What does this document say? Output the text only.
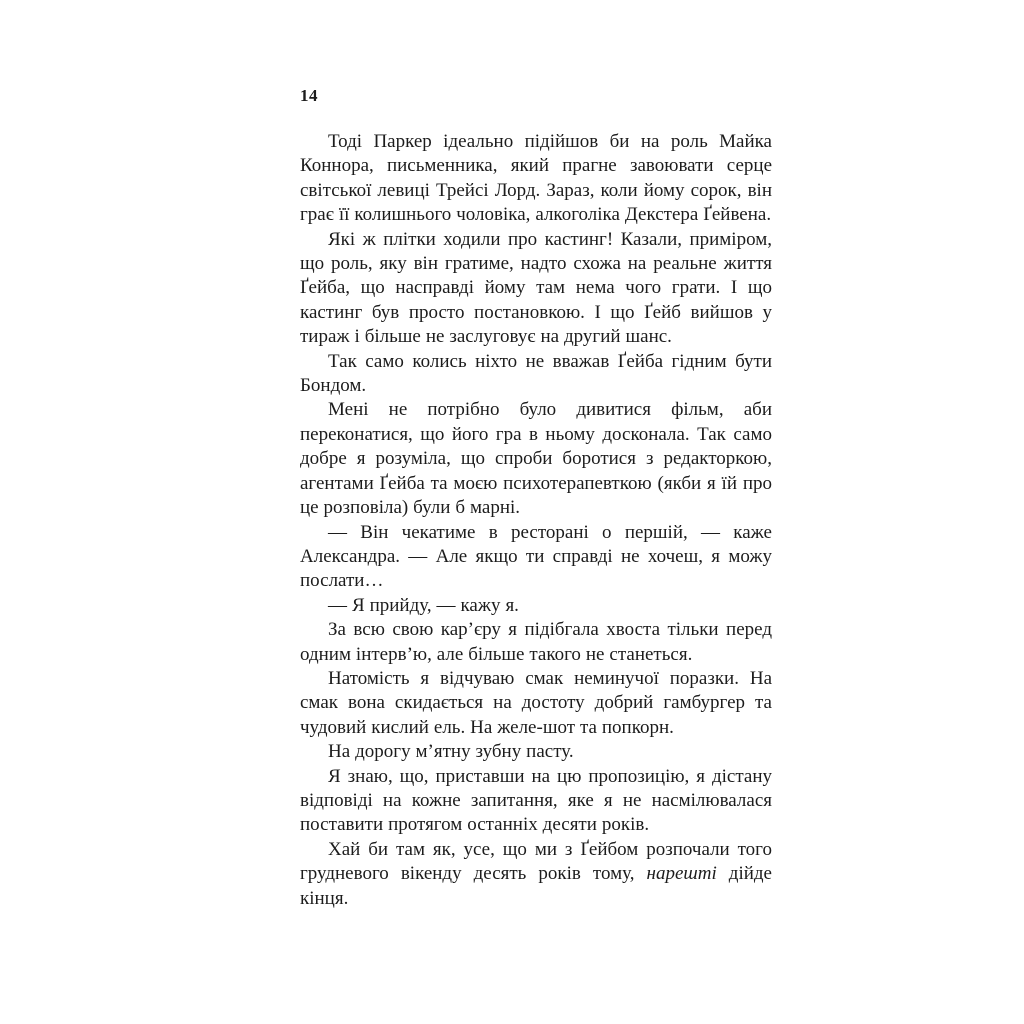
14

Тоді Паркер ідеально підійшов би на роль Майка Коннора, письменника, який прагне завоювати серце світської левиці Трейсі Лорд. Зараз, коли йому сорок, він грає її колишнього чоловіка, алкоголіка Декстера Ґейвена.

Які ж плітки ходили про кастинг! Казали, приміром, що роль, яку він гратиме, надто схожа на реальне життя Ґейба, що насправді йому там нема чого грати. І що кастинг був просто постановкою. І що Ґейб вийшов у тираж і більше не заслуговує на другий шанс.

Так само колись ніхто не вважав Ґейба гідним бути Бондом.

Мені не потрібно було дивитися фільм, аби переконатися, що його гра в ньому досконала. Так само добре я розуміла, що спроби боротися з редакторкою, агентами Ґейба та моєю психотерапевткою (якби я їй про це розповіла) були б марні.

— Він чекатиме в ресторані о першій, — каже Александра. — Але якщо ти справді не хочеш, я можу послати…

— Я прийду, — кажу я.

За всю свою кар’єру я підібгала хвоста тільки перед одним інтерв’ю, але більше такого не станеться.

Натомість я відчуваю смак неминучої поразки. На смак вона скидається на достоту добрий гамбургер та чудовий кислий ель. На желе-шот та попкорн.

На дорогу м’ятну зубну пасту.

Я знаю, що, приставши на цю пропозицію, я дістану відповіді на кожне запитання, яке я не насмілювалася поставити протягом останніх десяти років.

Хай би там як, усе, що ми з Ґейбом розпочали того грудневого вікенду десять років тому, нарешті дійде кінця.
